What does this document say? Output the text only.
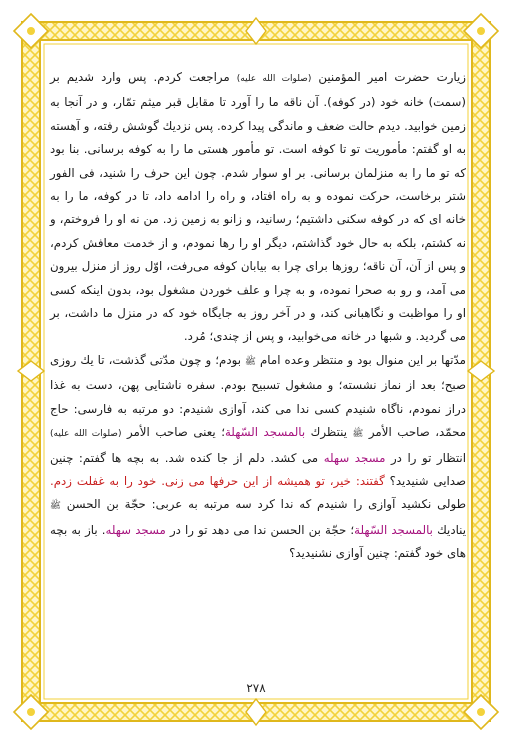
زیارت حضرت امیر المؤمنین (صلوات الله علیه) مراجعت كردم. پس وارد شدیم بر (سمت) خانه خود (در كوفه). آن ناقه ما را آورد تا مقابل قبر میثم تمّار، و در آنجا به زمین خوابید. دیدم حالت ضعف و ماندگی پیدا كرده. پس نزدیك گوشش رفته، و آهسته به او گفتم: مأموریت تو تا كوفه است. تو مأمور هستی ما را به كوفه برسانی. بنا بود كه تو ما را به منزلمان برسانی. بر او سوار شدم. چون این حرف را شنید، فی الفور شتر برخاست، حركت نموده و به راه افتاد، و راه را ادامه داد، تا در كوفه، ما را به خانه ای كه در كوفه سكنی داشتیم؛ رسانید، و زانو به زمین زد. من نه او را فروختم، و نه كشتم، بلكه به حال خود گذاشتم، دیگر او را رها نمودم، و از خدمت معافش كردم، و پس از آن، آن ناقه؛ روزها برای چرا به بیابان كوفه می‌رفت، اوّل روز از منزل بیرون می آمد، و رو به صحرا نموده، و به چرا و علف خوردن مشغول بود، بدون اینكه كسی او را مواظبت و نگاهبانی كند، و در آخر روز به جایگاه خود كه در منزل ما داشت، بر می گردید. و شبها در خانه می‌خوابید، و پس از چندی؛ مُرد.

مدّتها بر این منوال بود و منتظر وعده امام ﷺ بودم؛ و چون مدّتی گذشت، تا یك روزی صبح؛ بعد از نماز نشسته؛ و مشغول تسبیح بودم. سفره ناشتایی پهن، دست به غذا دراز نمودم، ناگاه شنیدم كسی ندا می كند، آوازی شنیدم: دو مرتبه به فارسی: حاج محمّد، صاحب الأمر ﷺ ینتظرك بالمسجد السّهلة؛ یعنی صاحب الأمر (صلوات الله علیه) انتظار تو را در مسجد سهله می كشد. دلم از جا كنده شد. به بچه ها گفتم: چنین صدایی شنیدید؟ گفتند: خیر، تو همیشه از این حرفها می زنی. خود را به غفلت زدم. طولی نكشید آوازی را شنیدم كه ندا كرد سه مرتبه به عربی: حجّة بن الحسن ﷺ ینادیك بالمسجد السّهلة؛ حجّة بن الحسن ندا می دهد تو را در مسجد سهله. باز به بچه های خود گفتم: چنین آوازی نشنیدید؟

۲۷۸
